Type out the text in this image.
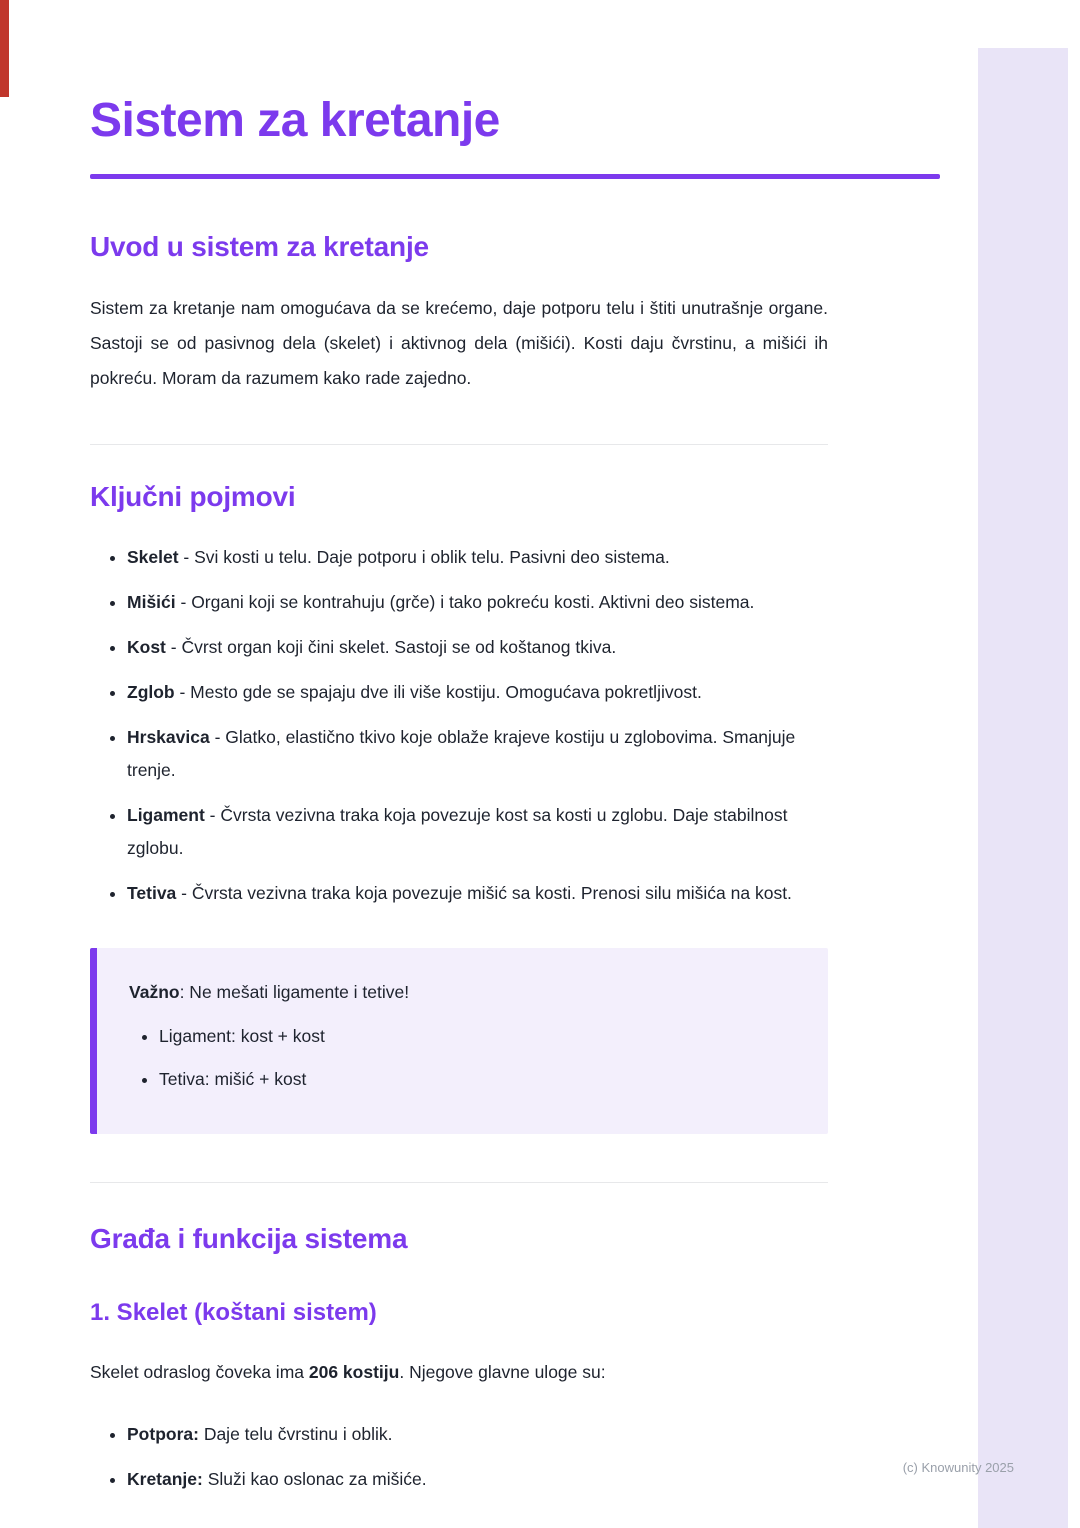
Sistem za kretanje
Uvod u sistem za kretanje

Sistem za kretanje nam omogućava da se krećemo, daje potporu telu i štiti unutrašnje organe. Sastoji se od pasivnog dela (skelet) i aktivnog dela (mišići). Kosti daju čvrstinu, a mišići ih pokreću. Moram da razumem kako rade zajedno.

Ključni pojmovi
• Skelet - Svi kosti u telu. Daje potporu i oblik telu. Pasivni deo sistema.
• Mišići - Organi koji se kontrahuju (grče) i tako pokreću kosti. Aktivni deo sistema.
• Kost - Čvrst organ koji čini skelet. Sastoji se od koštanog tkiva.
• Zglob - Mesto gde se spajaju dve ili više kostiju. Omogućava pokretljivost.
• Hrskavica - Glatko, elastično tkivo koje oblaže krajeve kostiju u zglobovima. Smanjuje trenje.
• Ligament - Čvrsta vezivna traka koja povezuje kost sa kosti u zglobu. Daje stabilnost zglobu.
• Tetiva - Čvrsta vezivna traka koja povezuje mišić sa kosti. Prenosi silu mišića na kost.

Važno: Ne mešati ligamente i tetive!

• Ligament: kost + kost
• Tetiva: mišić + kost
Građa i funkcija sistema
1. Skelet (koštani sistem)

Skelet odraslog čoveka ima 206 kostiju. Njegove glavne uloge su:

• Potpora: Daje telu čvrstinu i oblik.
• Kretanje: Služi kao oslonac za mišiće.
(c) Knowunity 2025
